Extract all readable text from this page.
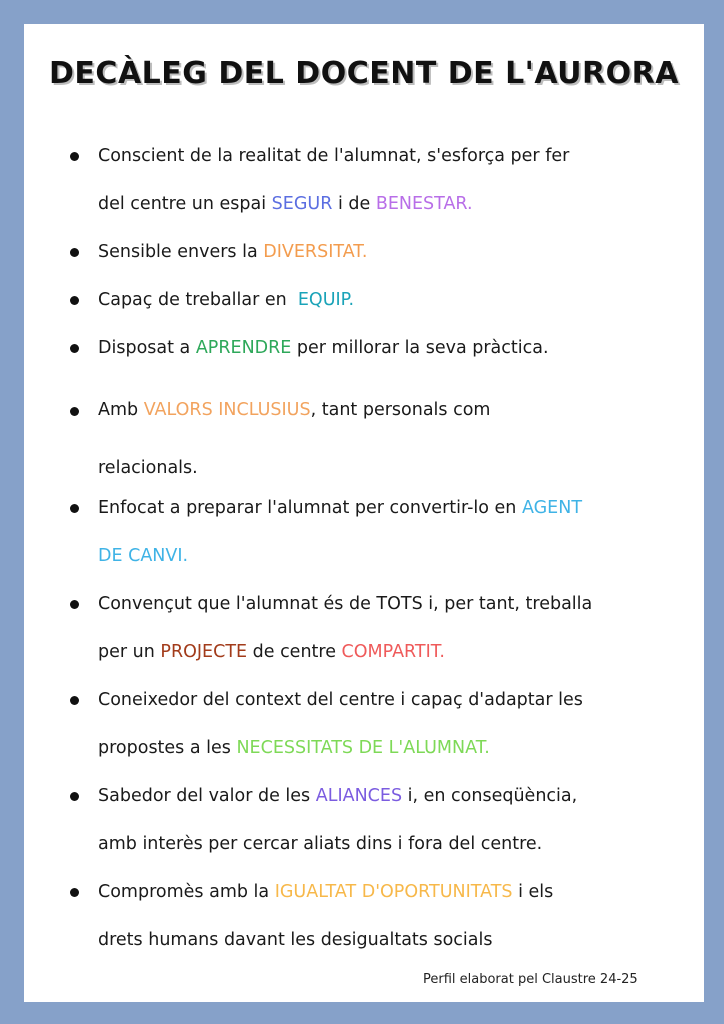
DECÀLEG DEL DOCENT DE L'AURORA
Conscient de la realitat de l'alumnat, s'esforça per fer
del centre un espai SEGUR i de BENESTAR.
Sensible envers la DIVERSITAT.
Capaç de treballar en  EQUIP.
Disposat a APRENDRE per millorar la seva pràctica.
Amb VALORS INCLUSIUS, tant personals com
relacionals.
Enfocat a preparar l'alumnat per convertir-lo en AGENT
DE CANVI.
Convençut que l'alumnat és de TOTS i, per tant, treballa
per un PROJECTE de centre COMPARTIT.
Coneixedor del context del centre i capaç d'adaptar les
propostes a les NECESSITATS DE L'ALUMNAT.
Sabedor del valor de les ALIANCES i, en conseqüència,
amb interès per cercar aliats dins i fora del centre.
Compromès amb la IGUALTAT D'OPORTUNITATS i els
drets humans davant les desigualtats socials
Perfil elaborat pel Claustre 24-25
